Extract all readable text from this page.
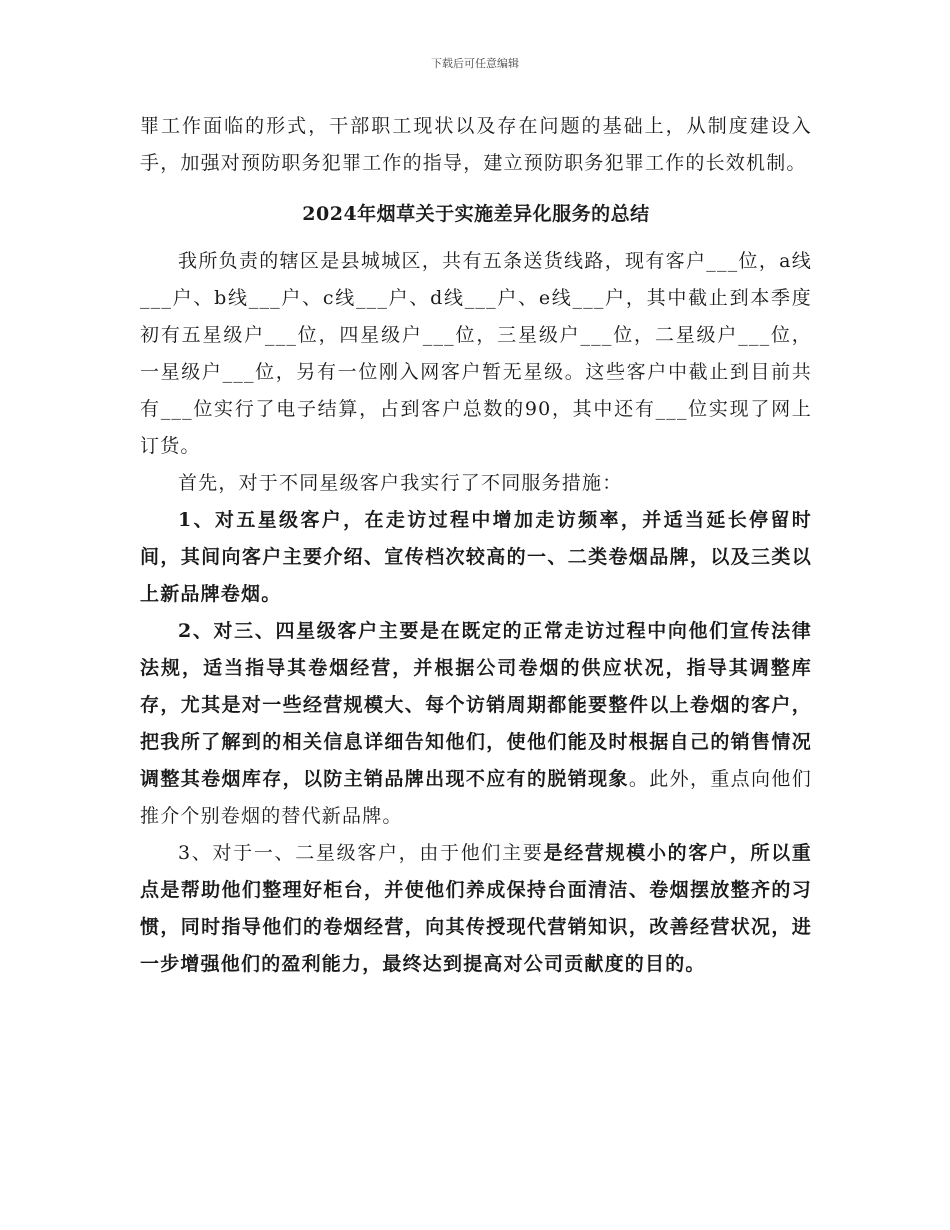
下载后可任意编辑

罪工作面临的形式，干部职工现状以及存在问题的基础上，从制度建设入手，加强对预防职务犯罪工作的指导，建立预防职务犯罪工作的长效机制。

2024年烟草关于实施差异化服务的总结

我所负责的辖区是县城城区，共有五条送货线路，现有客户___位，a线___户、b线___户、c线___户、d线___户、e线___户，其中截止到本季度初有五星级户___位，四星级户___位，三星级户___位，二星级户___位，一星级户___位，另有一位刚入网客户暂无星级。这些客户中截止到目前共有___位实行了电子结算，占到客户总数的90，其中还有___位实现了网上订货。

首先，对于不同星级客户我实行了不同服务措施：

1、对五星级客户，在走访过程中增加走访频率，并适当延长停留时间，其间向客户主要介绍、宣传档次较高的一、二类卷烟品牌，以及三类以上新品牌卷烟。

2、对三、四星级客户主要是在既定的正常走访过程中向他们宣传法律法规，适当指导其卷烟经营，并根据公司卷烟的供应状况，指导其调整库存，尤其是对一些经营规模大、每个访销周期都能要整件以上卷烟的客户，把我所了解到的相关信息详细告知他们，使他们能及时根据自己的销售情况调整其卷烟库存，以防主销品牌出现不应有的脱销现象。此外，重点向他们推介个别卷烟的替代新品牌。

3、对于一、二星级客户，由于他们主要是经营规模小的客户，所以重点是帮助他们整理好柜台，并使他们养成保持台面清洁、卷烟摆放整齐的习惯，同时指导他们的卷烟经营，向其传授现代营销知识，改善经营状况，进一步增强他们的盈利能力，最终达到提高对公司贡献度的目的。
